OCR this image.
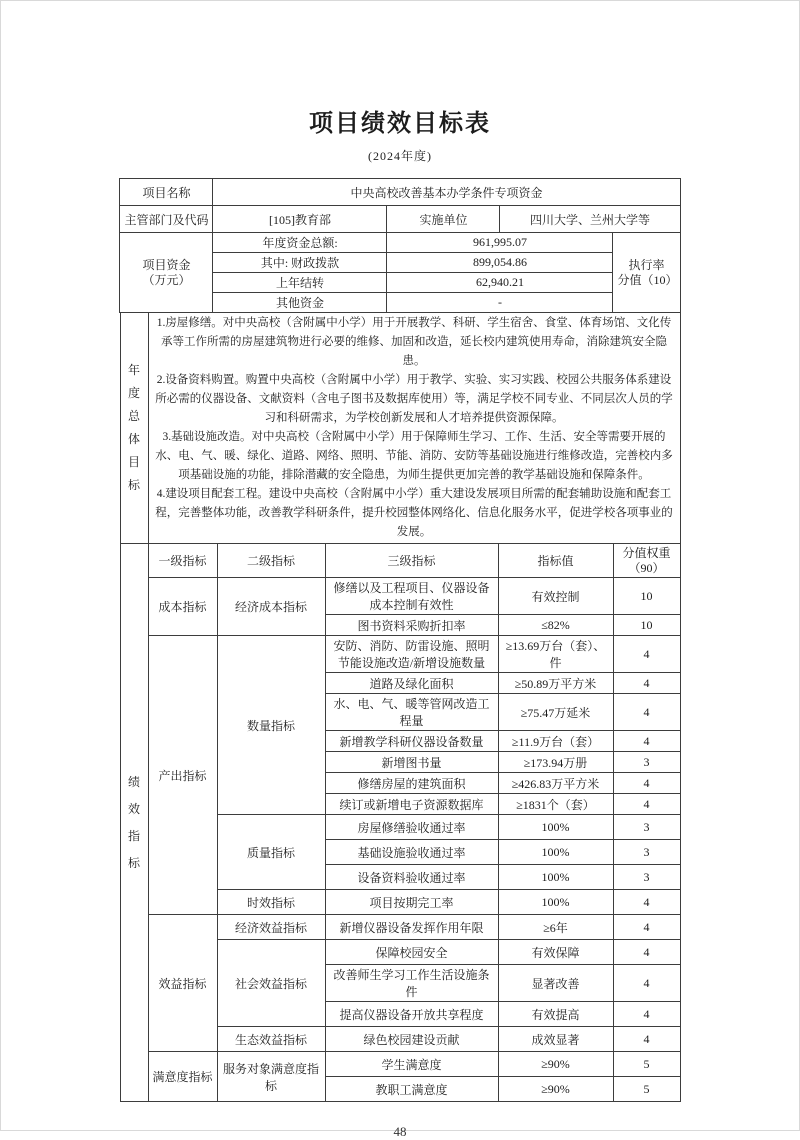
项目绩效目标表
(2024年度)
项目名称	中央高校改善基本办学条件专项资金			
主管部门及代码	[105]教育部	实施单位	四川大学、兰州大学等	

项目资金
（万元）
	年度资金总额:	961,995.07	
执行率
分值（10）

	其中: 财政拨款	899,054.86		
	上年结转	62,940.21		
	其他资金	-		
年度总体目标

1.房屋修缮。对中央高校（含附属中小学）用于开展教学、科研、学生宿舍、食堂、体育场馆、文化传承等工作所需的房屋建筑物进行必要的维修、加固和改造，延长校内建筑使用寿命，消除建筑安全隐患。

2.设备资料购置。购置中央高校（含附属中小学）用于教学、实验、实习实践、校园公共服务体系建设所必需的仪器设备、文献资料（含电子图书及数据库使用）等，满足学校不同专业、不同层次人员的学习和科研需求，为学校创新发展和人才培养提供资源保障。

3.基础设施改造。对中央高校（含附属中小学）用于保障师生学习、工作、生活、安全等需要开展的水、电、气、暖、绿化、道路、网络、照明、节能、消防、安防等基础设施进行维修改造，完善校内多项基础设施的功能，排除潜藏的安全隐患，为师生提供更加完善的教学基础设施和保障条件。

4.建设项目配套工程。建设中央高校（含附属中小学）重大建设发展项目所需的配套辅助设施和配套工程，完善整体功能，改善教学科研条件，提升校园整体网络化、信息化服务水平，促进学校各项事业的发展。

绩效指标	一级指标	二级指标	三级指标	指标值	分值权重
（90）

	成本指标	经济成本指标	修缮以及工程项目、仪器设备成本控制有效性	有效控制	10
			图书资料采购折扣率	≤82%	10
	产出指标	数量指标	安防、消防、防雷设施、照明节能设施改造/新增设施数量	≥13.69万台（套）、件	4
			道路及绿化面积	≥50.89万平方米	4
			水、电、气、暖等管网改造工程量	≥75.47万延米	4
			新增教学科研仪器设备数量	≥11.9万台（套）	4
			新增图书量	≥173.94万册	3
			修缮房屋的建筑面积	≥426.83万平方米	4
			续订或新增电子资源数据库	≥1831个（套）	4
		质量指标	房屋修缮验收通过率	100%	3
			基础设施验收通过率	100%	3
			设备资料验收通过率	100%	3
		时效指标	项目按期完工率	100%	4
	效益指标	经济效益指标	新增仪器设备发挥作用年限	≥6年	4
		社会效益指标	保障校园安全	有效保障	4
			改善师生学习工作生活设施条件	显著改善	4
			提高仪器设备开放共享程度	有效提高	4
		生态效益指标	绿色校园建设贡献	成效显著	4
	满意度指标	服务对象满意度指标	学生满意度	≥90%	5
			教职工满意度	≥90%	5
48
